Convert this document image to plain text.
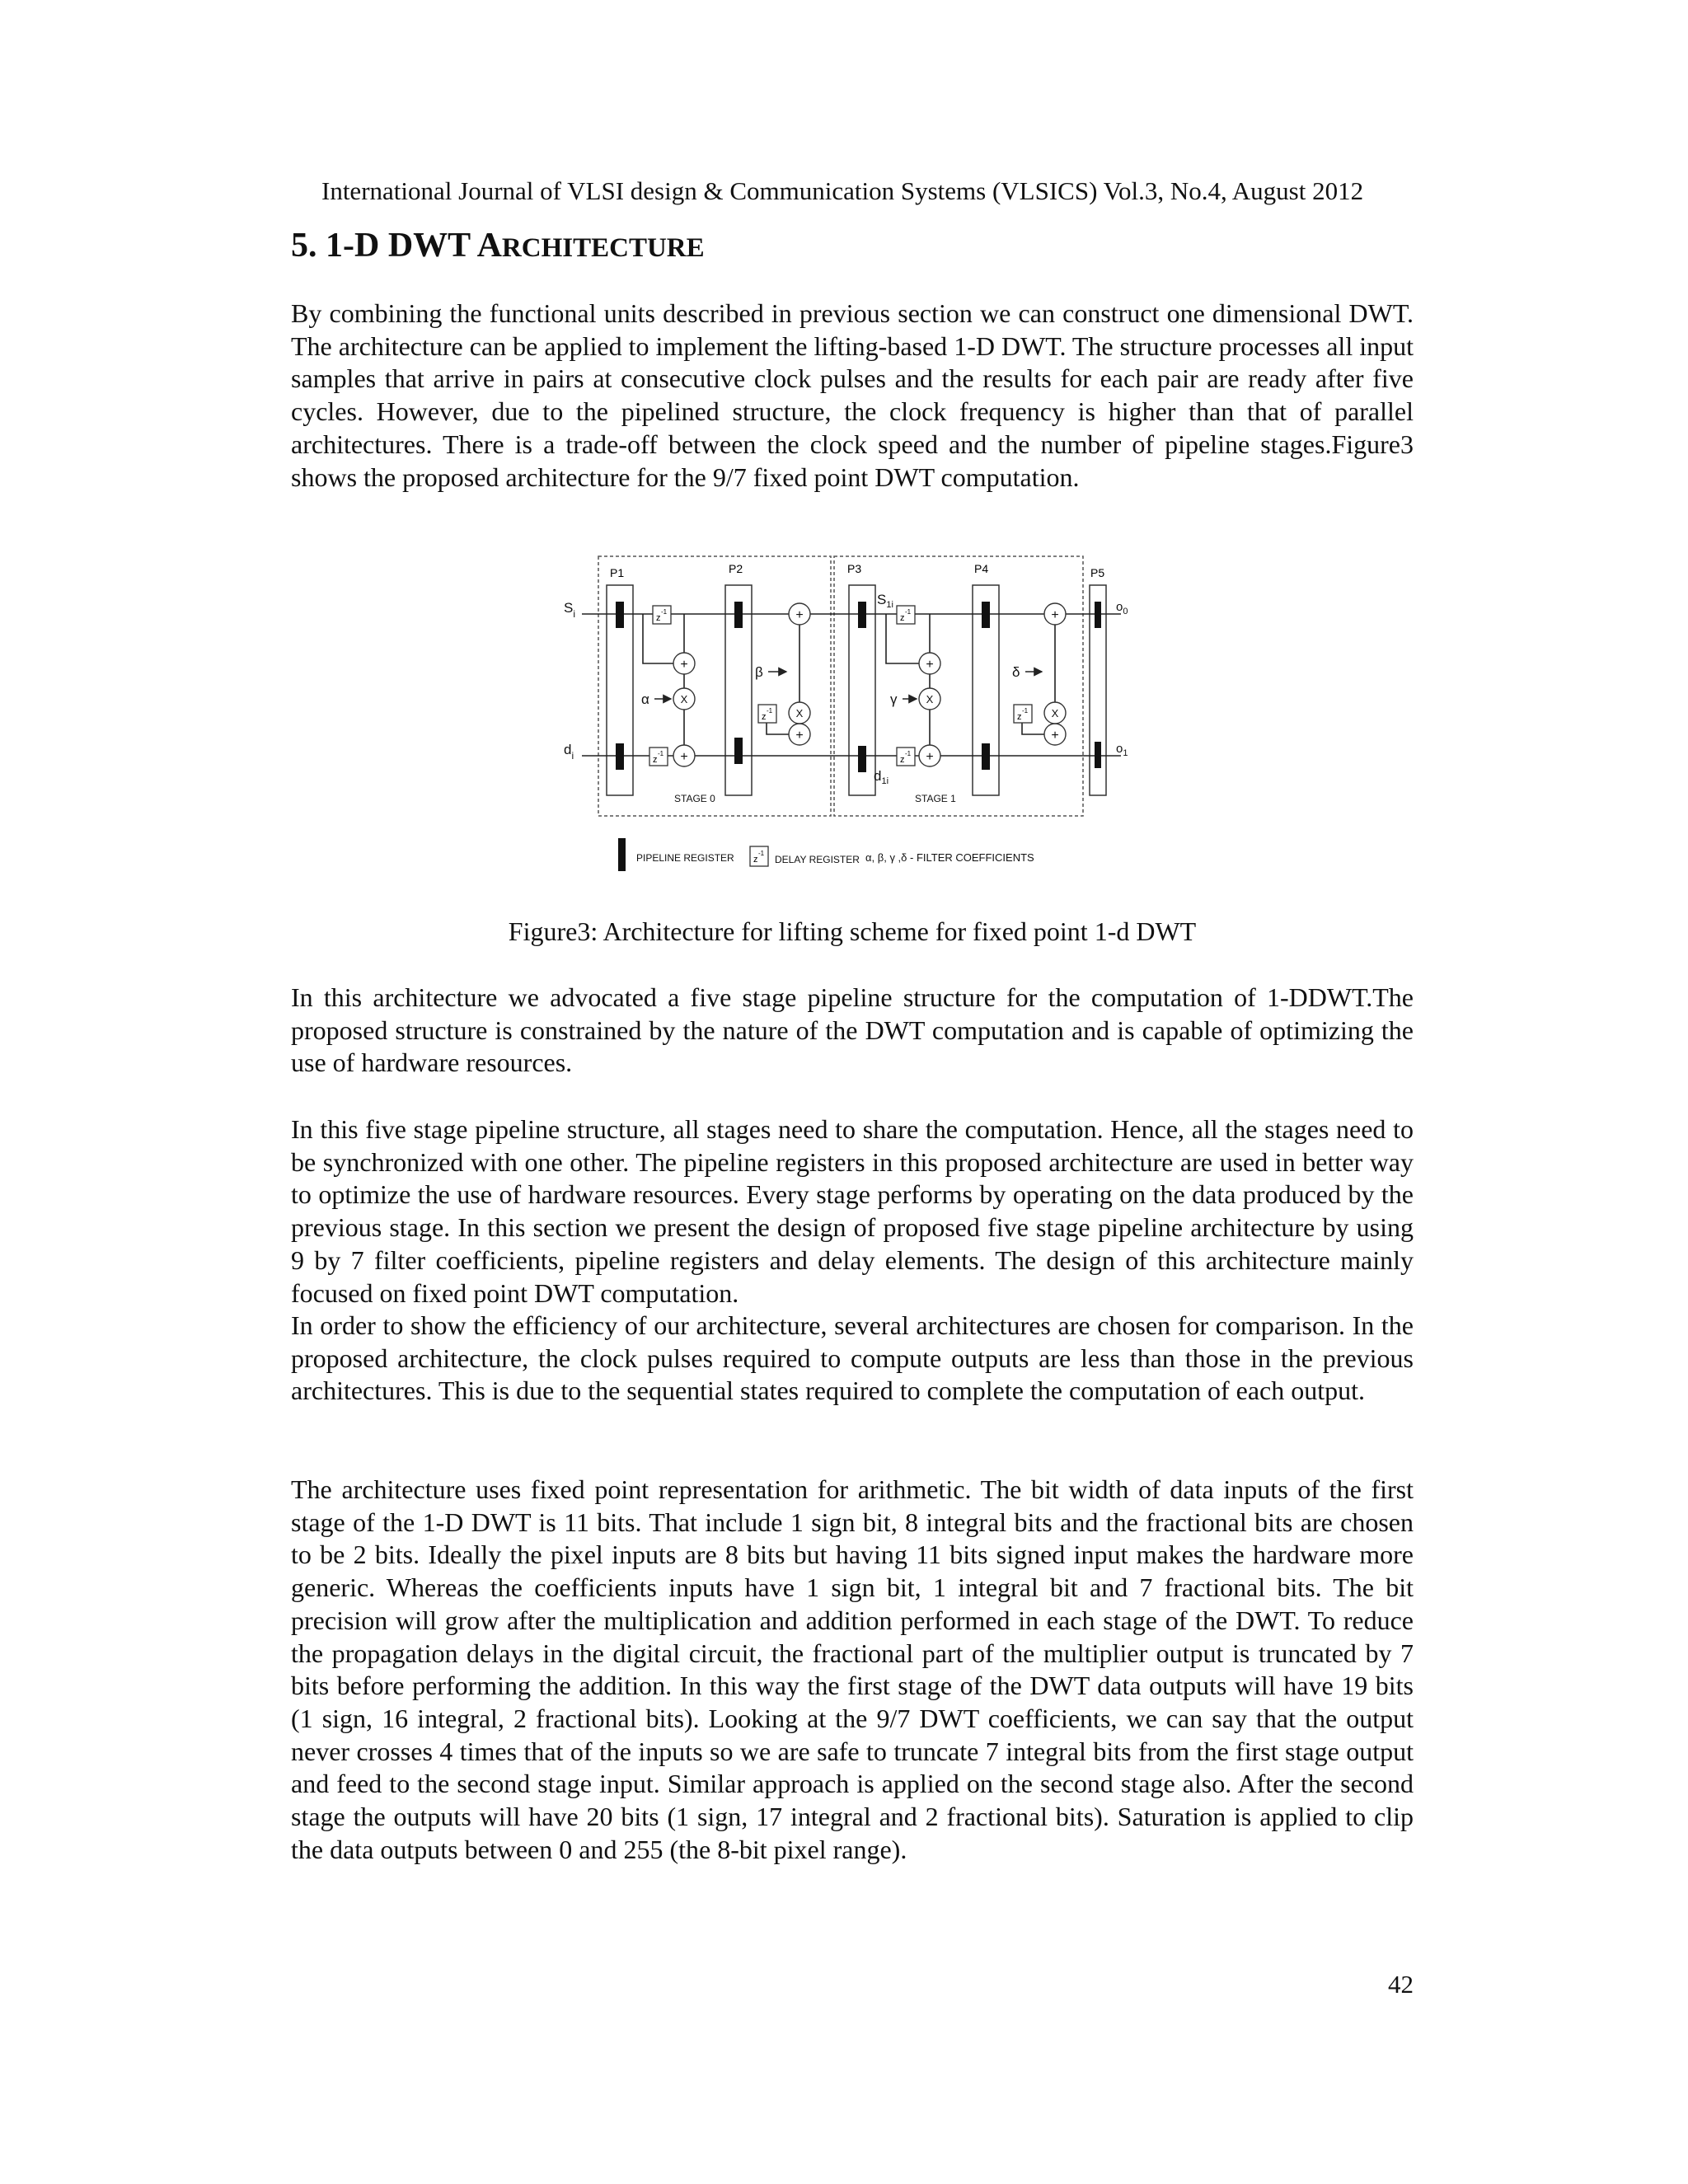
International Journal of VLSI design & Communication Systems (VLSICS) Vol.3, No.4, August 2012
5. 1-D DWT ARCHITECTURE

By combining the functional units described in previous section we can construct one dimensional DWT. The architecture can be applied to implement the lifting-based 1-D DWT. The structure processes all input samples that arrive in pairs at consecutive clock pulses and the results for each pair are ready after five cycles. However, due to the pipelined structure, the clock frequency is higher than that of parallel architectures. There is a trade-off between the clock speed and the number of pipeline stages.Figure3 shows the proposed architecture for the 9/7 fixed point DWT computation.

P1	P2	P3	P4	P5
z
-1
z
-1
z
-1
z
-1
z
-1
z
-1
+
+
+
+
+
+
+
+
X
X
X
X
α
β
γ
δ
$S_i$
$d_i$
$S_{1i}$
$d_{1i}$
$o_0$
$o_1$
STAGE 0	STAGE 1
PIPELINE REGISTER z
-1
DELAY REGISTER α, β, γ ,δ - FILTER COEFFICIENTS
Figure3: Architecture for lifting scheme for fixed point 1-d DWT

In this architecture we advocated a five stage pipeline structure for the computation of 1-DDWT.The proposed structure is constrained by the nature of the DWT computation and is capable of optimizing the use of hardware resources.

In this five stage pipeline structure, all stages need to share the computation. Hence, all the stages need to be synchronized with one other. The pipeline registers in this proposed architecture are used in better way to optimize the use of hardware resources. Every stage performs by operating on the data produced by the previous stage. In this section we present the design of proposed five stage pipeline architecture by using 9 by 7 filter coefficients, pipeline registers and delay elements. The design of this architecture mainly focused on fixed point DWT computation.

In order to show the efficiency of our architecture, several architectures are chosen for comparison. In the proposed architecture, the clock pulses required to compute outputs are less than those in the previous architectures. This is due to the sequential states required to complete the computation of each output.

The architecture uses fixed point representation for arithmetic. The bit width of data inputs of the first stage of the 1-D DWT is 11 bits. That include 1 sign bit, 8 integral bits and the fractional bits are chosen to be 2 bits. Ideally the pixel inputs are 8 bits but having 11 bits signed input makes the hardware more generic. Whereas the coefficients inputs have 1 sign bit, 1 integral bit and 7 fractional bits. The bit precision will grow after the multiplication and addition performed in each stage of the DWT. To reduce the propagation delays in the digital circuit, the fractional part of the multiplier output is truncated by 7 bits before performing the addition. In this way the first stage of the DWT data outputs will have 19 bits (1 sign, 16 integral, 2 fractional bits). Looking at the 9/7 DWT coefficients, we can say that the output never crosses 4 times that of the inputs so we are safe to truncate 7 integral bits from the first stage output and feed to the second stage input. Similar approach is applied on the second stage also. After the second stage the outputs will have 20 bits (1 sign, 17 integral and 2 fractional bits). Saturation is applied to clip the data outputs between 0 and 255 (the 8-bit pixel range).

42
